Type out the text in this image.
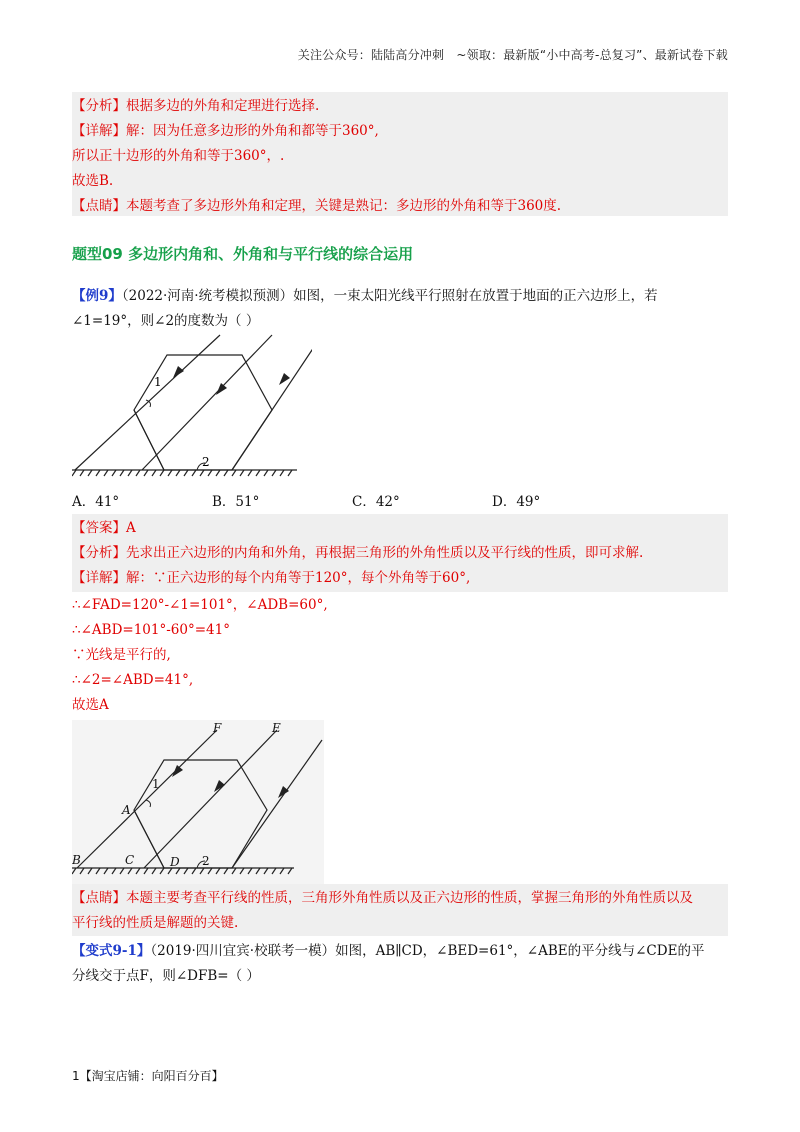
关注公众号：陆陆高分冲刺　~领取：最新版“小中高考-总复习”、最新试卷下载
【分析】根据多边的外角和定理进行选择.
【详解】解：因为任意多边形的外角和都等于360°,
所以正十边形的外角和等于360°，.
故选B.
【点睛】本题考查了多边形外角和定理，关键是熟记：多边形的外角和等于360度.
题型09 多边形内角和、外角和与平行线的综合运用
【例9】（2022·河南·统考模拟预测）如图，一束太阳光线平行照射在放置于地面的正六边形上，若
∠1=19°，则∠2的度数为（ ）
1
2
A．41°	B．51°	C．42°	D．49°
【答案】A
【分析】先求出正六边形的内角和外角，再根据三角形的外角性质以及平行线的性质，即可求解.
【详解】解：∵正六边形的每个内角等于120°，每个外角等于60°,
∴∠FAD=120°-∠1=101°，∠ADB=60°,
∴∠ABD=101°-60°=41°
∵光线是平行的,
∴∠2=∠ABD=41°,
故选A
F	E
A
B	C	D
1
2
【点睛】本题主要考查平行线的性质，三角形外角性质以及正六边形的性质，掌握三角形的外角性质以及
平行线的性质是解题的关键.
【变式9-1】（2019·四川宜宾·校联考一模）如图，AB∥CD，∠BED=61°，∠ABE的平分线与∠CDE的平
分线交于点F，则∠DFB=（ ）
1【淘宝店铺：向阳百分百】
